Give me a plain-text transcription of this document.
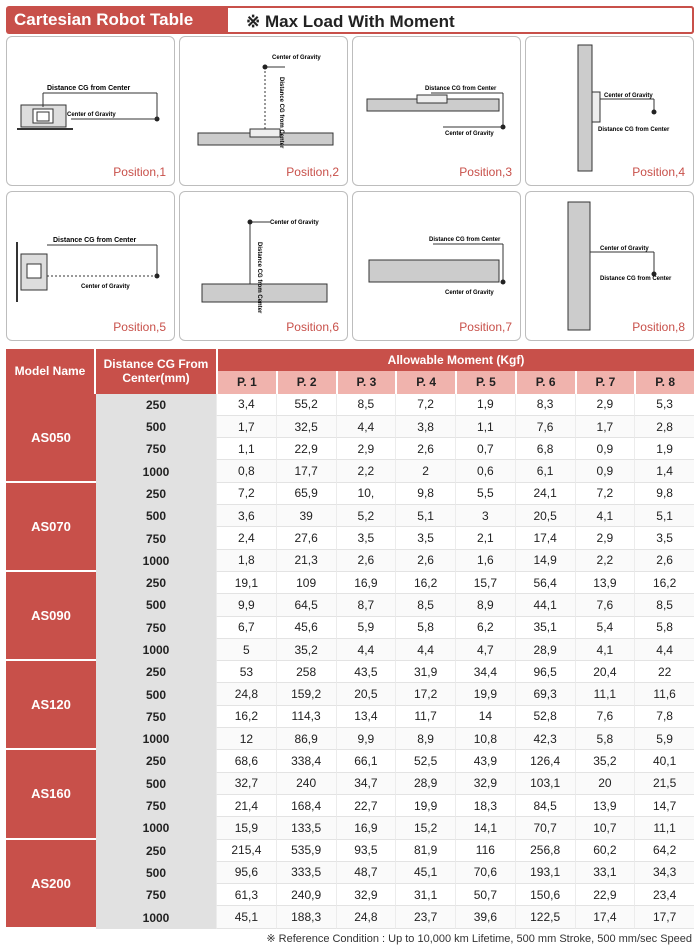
Cartesian Robot Table	※ Max Load With Moment
Distance CG from Center
Center of Gravity
Position,1
Center of Gravity
Distance CG from Center
Position,2
Distance CG from Center
Center of Gravity
Position,3
Center of Gravity
Distance CG from Center
Position,4
Distance CG from Center
Center of Gravity
Position,5
Center of Gravity
Distance CG from Center
Position,6
Distance CG from Center
Center of Gravity
Position,7
Center of Gravity
Distance CG from Center
Position,8
Model Name	Distance CG From Center(mm)	Allowable Moment (Kgf)							
		P. 1	P. 2	P. 3	P. 4	P. 5	P. 6	P. 7	P. 8
AS050	250	3,4	55,2	8,5	7,2	1,9	8,3	2,9	5,3
	500	1,7	32,5	4,4	3,8	1,1	7,6	1,7	2,8
	750	1,1	22,9	2,9	2,6	0,7	6,8	0,9	1,9
	1000	0,8	17,7	2,2	2	0,6	6,1	0,9	1,4
AS070	250	7,2	65,9	10,	9,8	5,5	24,1	7,2	9,8
	500	3,6	39	5,2	5,1	3	20,5	4,1	5,1
	750	2,4	27,6	3,5	3,5	2,1	17,4	2,9	3,5
	1000	1,8	21,3	2,6	2,6	1,6	14,9	2,2	2,6
AS090	250	19,1	109	16,9	16,2	15,7	56,4	13,9	16,2
	500	9,9	64,5	8,7	8,5	8,9	44,1	7,6	8,5
	750	6,7	45,6	5,9	5,8	6,2	35,1	5,4	5,8
	1000	5	35,2	4,4	4,4	4,7	28,9	4,1	4,4
AS120	250	53	258	43,5	31,9	34,4	96,5	20,4	22
	500	24,8	159,2	20,5	17,2	19,9	69,3	11,1	11,6
	750	16,2	114,3	13,4	11,7	14	52,8	7,6	7,8
	1000	12	86,9	9,9	8,9	10,8	42,3	5,8	5,9
AS160	250	68,6	338,4	66,1	52,5	43,9	126,4	35,2	40,1
	500	32,7	240	34,7	28,9	32,9	103,1	20	21,5
	750	21,4	168,4	22,7	19,9	18,3	84,5	13,9	14,7
	1000	15,9	133,5	16,9	15,2	14,1	70,7	10,7	11,1
AS200	250	215,4	535,9	93,5	81,9	116	256,8	60,2	64,2
	500	95,6	333,5	48,7	45,1	70,6	193,1	33,1	34,3
	750	61,3	240,9	32,9	31,1	50,7	150,6	22,9	23,4
	1000	45,1	188,3	24,8	23,7	39,6	122,5	17,4	17,7
※ Reference Condition : Up to 10,000 km Lifetime, 500 mm Stroke, 500 mm/sec Speed
